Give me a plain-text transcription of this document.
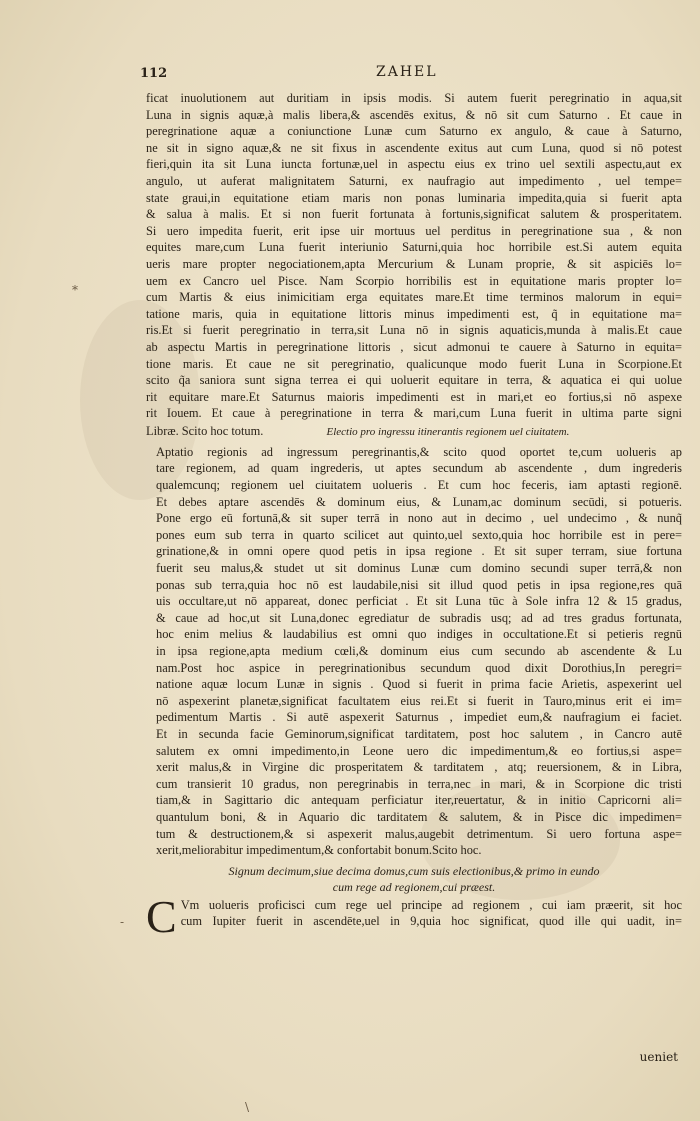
112	ZAHEL
*
-
\

ficat inuolutionem aut duritiam in ipsis modis. Si autem fuerit peregrinatio in aqua,sit
Luna in signis aquæ,à malis libera,& ascendēs exitus, & nō sit cum Saturno . Et caue in
peregrinatione aquæ a coniunctione Lunæ cum Saturno ex angulo, & caue à Saturno,
ne sit in signo aquæ,& ne sit fixus in ascendente exitus aut cum Luna, quod si nō potest
fieri,quin ita sit Luna iuncta fortunæ,uel in aspectu eius ex trino uel sextili aspectu,aut ex
angulo, ut auferat malignitatem Saturni, ex naufragio aut impedimento , uel tempe=
state graui,in equitatione etiam maris non ponas luminaria impedita,quia si fuerit apta
& salua à malis. Et si non fuerit fortunata à fortunis,significat salutem & prosperitatem.
Si uero impedita fuerit, erit ipse uir mortuus uel perditus in peregrinatione sua , & non
equites mare,cum Luna fuerit interiunio Saturni,quia hoc horribile est.Si autem equita
ueris mare propter negociationem,apta Mercurium & Lunam proprie, & sit aspiciēs lo=
uem ex Cancro uel Pisce. Nam Scorpio horribilis est in equitatione maris propter lo=
cum Martis & eius inimicitiam erga equitates mare.Et time terminos malorum in equi=
tatione maris, quia in equitatione littoris minus impedimenti est, q̃ in equitatione ma=
ris.Et si fuerit peregrinatio in terra,sit Luna nō in signis aquaticis,munda à malis.Et caue
ab aspectu Martis in peregrinatione littoris , sicut admonui te cauere à Saturno in equita=
tione maris. Et caue ne sit peregrinatio, qualicunque modo fuerit Luna in Scorpione.Et
scito q̃a saniora sunt signa terrea ei qui uoluerit equitare in terra, & aquatica ei qui uolue
rit equitare mare.Et Saturnus maioris impedimenti est in mari,et eo fortius,si nō aspexe
rit Iouem. Et caue à peregrinatione in terra & mari,cum Luna fuerit in ultima parte signi
Libræ. Scito hoc totum.	Electio pro ingressu itinerantis regionem uel ciuitatem.

Aptatio regionis ad ingressum peregrinantis,& scito quod oportet te,cum uolueris ap
tare regionem, ad quam ingrederis, ut aptes secundum ab ascendente , dum ingrederis
qualemcunq; regionem uel ciuitatem uolueris . Et cum hoc feceris, iam aptasti regionē.
Et debes aptare ascendēs & dominum eius, & Lunam,ac dominum secūdi, si potueris.
Pone ergo eū fortunā,& sit super terrā in nono aut in decimo , uel undecimo , & nunq̃
pones eum sub terra in quarto scilicet aut quinto,uel sexto,quia hoc horribile est in pere=
grinatione,& in omni opere quod petis in ipsa regione . Et sit super terram, siue fortuna
fuerit seu malus,& studet ut sit dominus Lunæ cum domino secundi super terrā,& non
ponas sub terra,quia hoc nō est laudabile,nisi sit illud quod petis in ipsa regione,res quā
uis occultare,ut nō appareat, donec perficiat . Et sit Luna tūc à Sole infra 12 & 15 gradus,
& caue ad hoc,ut sit Luna,donec egrediatur de subradis usq; ad ad tres gradus fortunata,
hoc enim melius & laudabilius est omni quo indiges in occultatione.Et si petieris regnū
in ipsa regione,apta medium cœli,& dominum eius cum secundo ab ascendente & Lu
nam.Post hoc aspice in peregrinationibus secundum quod dixit Dorothius,In peregri=
natione aquæ locum Lunæ in signis . Quod si fuerit in prima facie Arietis, aspexerint uel
nō aspexerint planetæ,significat facultatem eius rei.Et si fuerit in Tauro,minus erit ei im=
pedimentum Martis . Si autē aspexerit Saturnus , impediet eum,& naufragium ei faciet.
Et in secunda facie Geminorum,significat tarditatem, post hoc salutem , in Cancro autē
salutem ex omni impedimento,in Leone uero dic impedimentum,& eo fortius,si aspe=
xerit malus,& in Virgine dic prosperitatem & tarditatem , atq; reuersionem, & in Libra,
cum transierit 10 gradus, non peregrinabis in terra,nec in mari, & in Scorpione dic tristi
tiam,& in Sagittario dic antequam perficiatur iter,reuertatur, & in initio Capricorni ali=
quantulum boni, & in Aquario dic tarditatem & salutem, & in Pisce dic impedimen=
tum & destructionem,& si aspexerit malus,augebit detrimentum. Si uero fortuna aspe=
xerit,meliorabitur impedimentum,& confortabit bonum.Scito hoc.

Signum decimum,siue decima domus,cum suis electionibus,& primo in eundo
cum rege ad regionem,cui præest.

C Vm uolueris proficisci cum rege uel principe ad regionem , cui iam præerit, sit hoc
cum Iupiter fuerit in ascendēte,uel in 9,quia hoc significat, quod ille qui uadit, in=

ueniet
